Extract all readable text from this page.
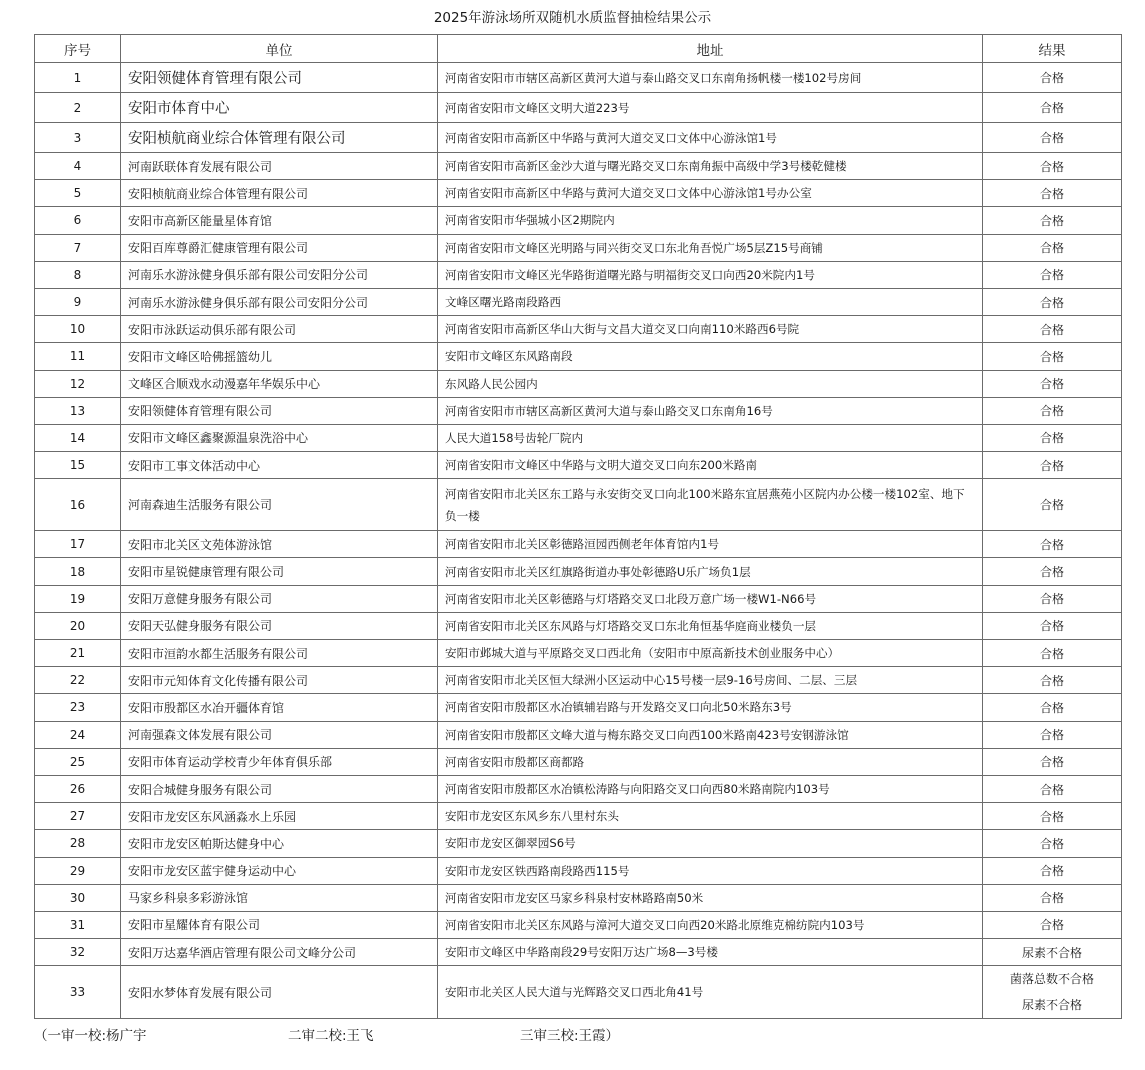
2025年游泳场所双随机水质监督抽检结果公示
序号	单位	地址	结果
1	安阳领健体育管理有限公司	河南省安阳市市辖区高新区黄河大道与泰山路交叉口东南角扬帆楼一楼102号房间	合格
2	安阳市体育中心	河南省安阳市文峰区文明大道223号	合格
3	安阳桢航商业综合体管理有限公司	河南省安阳市高新区中华路与黄河大道交叉口文体中心游泳馆1号	合格
4	河南跃联体育发展有限公司	河南省安阳市高新区金沙大道与曙光路交叉口东南角振中高级中学3号楼乾健楼	合格
5	安阳桢航商业综合体管理有限公司	河南省安阳市高新区中华路与黄河大道交叉口文体中心游泳馆1号办公室	合格
6	安阳市高新区能量星体育馆	河南省安阳市华强城小区2期院内	合格
7	安阳百库尊爵汇健康管理有限公司	河南省安阳市文峰区光明路与同兴街交叉口东北角吾悦广场5层Z15号商铺	合格
8	河南乐水游泳健身俱乐部有限公司安阳分公司	河南省安阳市文峰区光华路街道曙光路与明福街交叉口向西20米院内1号	合格
9	河南乐水游泳健身俱乐部有限公司安阳分公司	文峰区曙光路南段路西	合格
10	安阳市泳跃运动俱乐部有限公司	河南省安阳市高新区华山大街与文昌大道交叉口向南110米路西6号院	合格
11	安阳市文峰区哈佛摇篮幼儿	安阳市文峰区东风路南段	合格
12	文峰区合顺戏水动漫嘉年华娱乐中心	东风路人民公园内	合格
13	安阳领健体育管理有限公司	河南省安阳市市辖区高新区黄河大道与泰山路交叉口东南角16号	合格
14	安阳市文峰区鑫聚源温泉洗浴中心	人民大道158号齿轮厂院内	合格
15	安阳市工事文体活动中心	河南省安阳市文峰区中华路与文明大道交叉口向东200米路南	合格
16	河南森迪生活服务有限公司	河南省安阳市北关区东工路与永安街交叉口向北100米路东宜居燕苑小区院内办公楼一楼102室、地下负一楼	合格

17	安阳市北关区文苑体游泳馆	河南省安阳市北关区彰德路洹园西侧老年体育馆内1号	合格
18	安阳市星锐健康管理有限公司	河南省安阳市北关区红旗路街道办事处彰德路U乐广场负1层	合格
19	安阳万意健身服务有限公司	河南省安阳市北关区彰德路与灯塔路交叉口北段万意广场一楼W1-N66号	合格
20	安阳天弘健身服务有限公司	河南省安阳市北关区东风路与灯塔路交叉口东北角恒基华庭商业楼负一层	合格
21	安阳市洹韵水都生活服务有限公司	安阳市邺城大道与平原路交叉口西北角（安阳市中原高新技术创业服务中心）	合格
22	安阳市元知体育文化传播有限公司	河南省安阳市北关区恒大绿洲小区运动中心15号楼一层9-16号房间、二层、三层	合格
23	安阳市殷都区水冶开疆体育馆	河南省安阳市殷都区水冶镇辅岩路与开发路交叉口向北50米路东3号	合格
24	河南强森文体发展有限公司	河南省安阳市殷都区文峰大道与梅东路交叉口向西100米路南423号安钢游泳馆	合格
25	安阳市体育运动学校青少年体育俱乐部	河南省安阳市殷都区商都路	合格
26	安阳合城健身服务有限公司	河南省安阳市殷都区水冶镇松涛路与向阳路交叉口向西80米路南院内103号	合格
27	安阳市龙安区东风涵淼水上乐园	安阳市龙安区东风乡东八里村东头	合格
28	安阳市龙安区帕斯达健身中心	安阳市龙安区御翠园S6号	合格
29	安阳市龙安区蓝宇健身运动中心	安阳市龙安区铁西路南段路西115号	合格
30	马家乡科泉多彩游泳馆	河南省安阳市龙安区马家乡科泉村安林路路南50米	合格
31	安阳市星耀体育有限公司	河南省安阳市北关区东风路与漳河大道交叉口向西20米路北原维克棉纺院内103号	合格
32	安阳万达嘉华酒店管理有限公司文峰分公司	安阳市文峰区中华路南段29号安阳万达广场8—3号楼	尿素不合格
33	安阳水梦体育发展有限公司	安阳市北关区人民大道与光辉路交叉口西北角41号	菌落总数不合格
尿素不合格
（一审一校:杨广宇	二审二校:王飞	三审三校:王霞）
